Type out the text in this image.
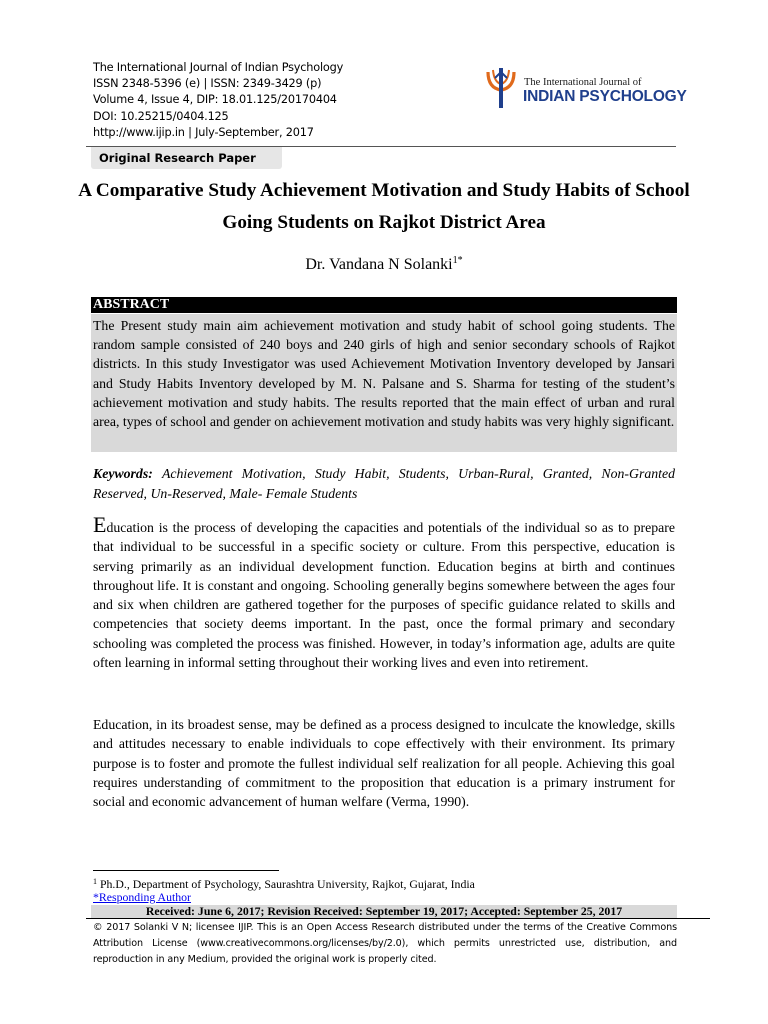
The International Journal of Indian Psychology
ISSN 2348-5396 (e) | ISSN: 2349-3429 (p)
Volume 4, Issue 4, DIP: 18.01.125/20170404
DOI: 10.25215/0404.125
http://www.ijip.in | July-September, 2017
The International Journal of
INDIAN PSYCHOLOGY
Original Research Paper
A Comparative Study Achievement Motivation and Study Habits of School Going Students on Rajkot District Area
Dr. Vandana N Solanki$^{1*}$
ABSTRACT
The Present study main aim achievement motivation and study habit of school going students. The random sample consisted of 240 boys and 240 girls of high and senior secondary schools of Rajkot districts. In this study Investigator was used Achievement Motivation Inventory developed by Jansari and Study Habits Inventory developed by M. N. Palsane and S. Sharma for testing of the student’s achievement motivation and study habits. The results reported that the main effect of urban and rural area, types of school and gender on achievement motivation and study habits was very highly significant.
Keywords: Achievement Motivation, Study Habit, Students, Urban-Rural, Granted, Non-Granted Reserved, Un-Reserved, Male- Female Students
Education is the process of developing the capacities and potentials of the individual so as to prepare that individual to be successful in a specific society or culture. From this perspective, education is serving primarily as an individual development function. Education begins at birth and continues throughout life. It is constant and ongoing. Schooling generally begins somewhere between the ages four and six when children are gathered together for the purposes of specific guidance related to skills and competencies that society deems important. In the past, once the formal primary and secondary schooling was completed the process was finished. However, in today’s information age, adults are quite often learning in informal setting throughout their working lives and even into retirement.
Education, in its broadest sense, may be defined as a process designed to inculcate the knowledge, skills and attitudes necessary to enable individuals to cope effectively with their environment. Its primary purpose is to foster and promote the fullest individual self realization for all people. Achieving this goal requires understanding of commitment to the proposition that education is a primary instrument for social and economic advancement of human welfare (Verma, 1990).
$^1$ Ph.D., Department of Psychology, Saurashtra University, Rajkot, Gujarat, India
*Responding Author
Received: June 6, 2017; Revision Received: September 19, 2017; Accepted: September 25, 2017
© 2017 Solanki V N; licensee IJIP. This is an Open Access Research distributed under the terms of the Creative Commons Attribution License (www.creativecommons.org/licenses/by/2.0), which permits unrestricted use, distribution, and reproduction in any Medium, provided the original work is properly cited.
